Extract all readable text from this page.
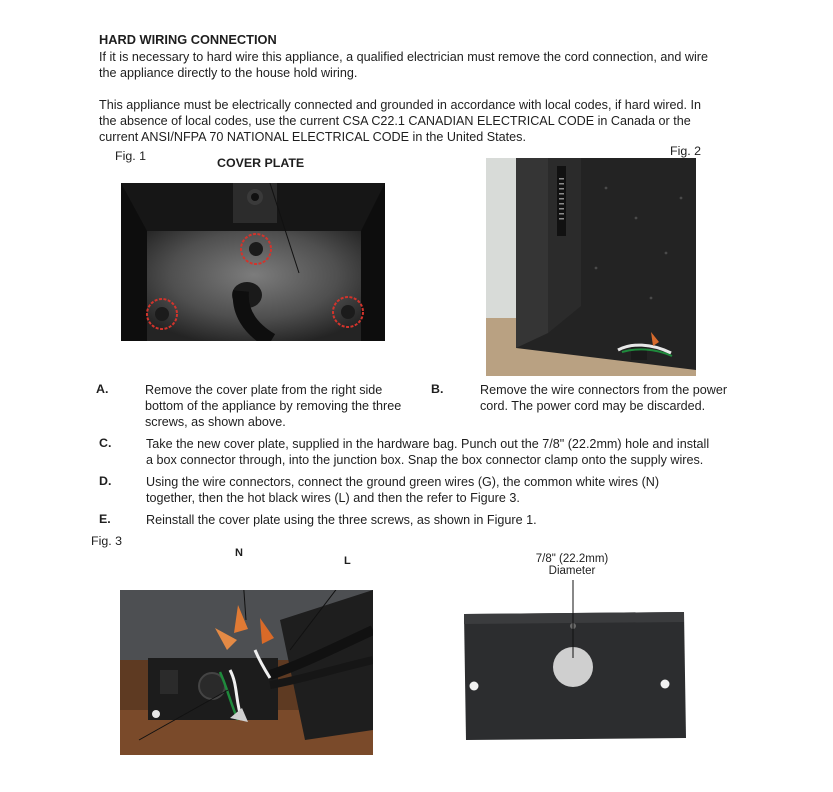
HARD WIRING CONNECTION
If it is necessary to hard wire this appliance, a qualified electrician must remove the cord connection, and wire
the appliance directly to the house hold wiring.
This appliance must be electrically connected and grounded in accordance with local codes, if hard wired. In
the absence of local codes, use the current CSA C22.1 CANADIAN ELECTRICAL CODE in Canada or the
current ANSI/NFPA 70 NATIONAL ELECTRICAL CODE in the United States.
Fig. 1	COVER PLATE
Fig. 2
A.	Remove the cover plate from the right side
bottom of the appliance by removing the three
screws, as shown above.
B.	Remove the wire connectors from the power
cord. The power cord may be discarded.
C.	Take the new cover plate, supplied in the hardware bag. Punch out the 7/8" (22.2mm) hole and install
a box connector through, into the junction box. Snap the box connector clamp onto the supply wires.
D.	Using the wire connectors, connect the ground green wires (G), the common white wires (N)
together, then the hot black wires (L) and then the refer to Figure 3.
E.	Reinstall the cover plate using the three screws, as shown in Figure 1.
Fig. 3
N
L	7/8" (22.2mm)
Diameter
